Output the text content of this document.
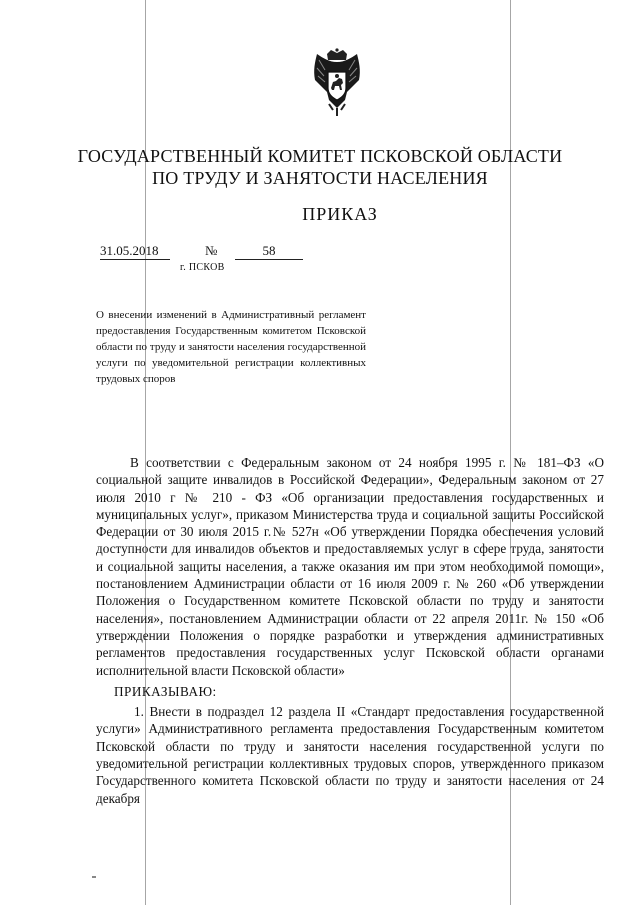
ГОСУДАРСТВЕННЫЙ КОМИТЕТ ПСКОВСКОЙ ОБЛАСТИ
ПО ТРУДУ И ЗАНЯТОСТИ НАСЕЛЕНИЯ
ПРИКАЗ
31.05.2018	№	58
г. ПСКОВ
О внесении изменений в Административный регламент предоставления Государственным комитетом Псковской области по труду и занятости населения государственной услуги по уведомительной регистрации коллективных трудовых споров

В соответствии с Федеральным законом от 24 ноября 1995 г. № 181–ФЗ «О социальной защите инвалидов в Российской Федерации», Федеральным законом от 27 июля 2010 г № 210 - ФЗ «Об организации предоставления государственных и муниципальных услуг», приказом Министерства труда и социальной защиты Российской Федерации от 30 июля 2015 г.№ 527н «Об утверждении Порядка обеспечения условий доступности для инвалидов объектов и предоставляемых услуг в сфере труда, занятости и социальной защиты населения, а также оказания им при этом необходимой помощи», постановлением Администрации области от 16 июля 2009 г. № 260 «Об утверждении Положения о Государственном комитете Псковской области по труду и занятости населения», постановлением Администрации области от 22 апреля 2011г. № 150 «Об утверждении Положения о порядке разработки и утверждения административных регламентов предоставления государственных услуг Псковской области органами исполнительной власти Псковской области»

ПРИКАЗЫВАЮ:

1. Внести в подраздел 12 раздела II «Стандарт предоставления государственной услуги» Административного регламента предоставления Государственным комитетом Псковской области по труду и занятости населения государственной услуги по уведомительной регистрации коллективных трудовых споров, утвержденного приказом Государственного комитета Псковской области по труду и занятости населения от 24 декабря
